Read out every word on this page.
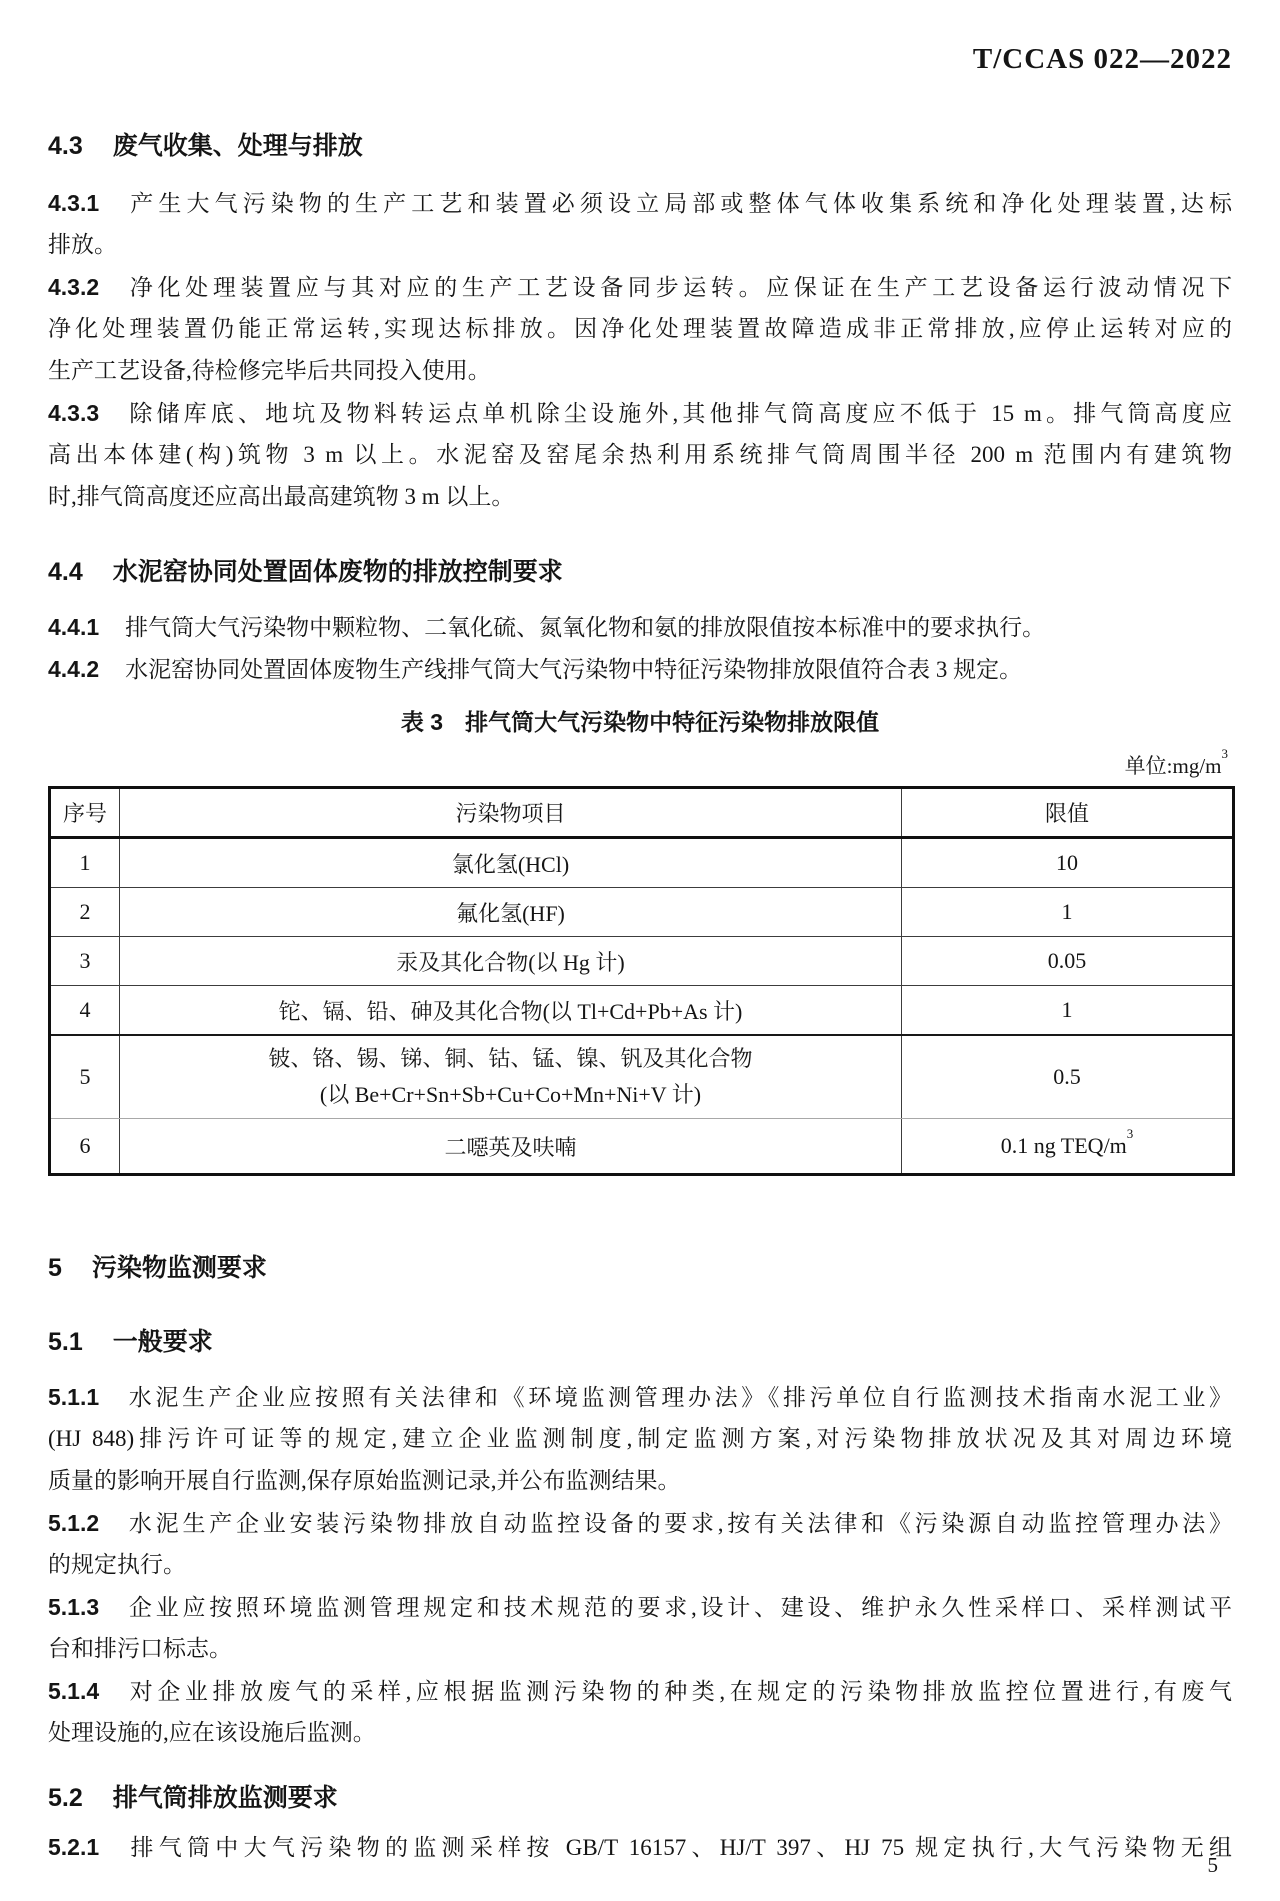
T/CCAS 022—2022
4.3 废气收集、处理与排放
4.3.1 产生大气污染物的生产工艺和装置必须设立局部或整体气体收集系统和净化处理装置,达标
排放。
4.3.2 净化处理装置应与其对应的生产工艺设备同步运转。应保证在生产工艺设备运行波动情况下
净化处理装置仍能正常运转,实现达标排放。因净化处理装置故障造成非正常排放,应停止运转对应的
生产工艺设备,待检修完毕后共同投入使用。
4.3.3 除储库底、地坑及物料转运点单机除尘设施外,其他排气筒高度应不低于 15 m。排气筒高度应
高出本体建(构)筑物 3 m 以上。水泥窑及窑尾余热利用系统排气筒周围半径 200 m 范围内有建筑物
时,排气筒高度还应高出最高建筑物 3 m 以上。
4.4 水泥窑协同处置固体废物的排放控制要求
4.4.1 排气筒大气污染物中颗粒物、二氧化硫、氮氧化物和氨的排放限值按本标准中的要求执行。
4.4.2 水泥窑协同处置固体废物生产线排气筒大气污染物中特征污染物排放限值符合表 3 规定。
表 3 排气筒大气污染物中特征污染物排放限值
单位$:mg/m^3$
序号	污染物项目	限值
1	氯化氢(HCl)	10
2	氟化氢(HF)	1
3	汞及其化合物(以 Hg 计)	0.05
4	铊、镉、铅、砷及其化合物(以 Tl+Cd+Pb+As 计)	1
5	铍、铬、锡、锑、铜、钴、锰、镍、钒及其化合物
(以 Be+Cr+Sn+Sb+Cu+Co+Mn+Ni+V 计)	0.5
6	二噁英及呋喃	0.1 ng TEQ/$m^3$
5 污染物监测要求
5.1 一般要求
5.1.1 水泥生产企业应按照有关法律和《环境监测管理办法》《排污单位自行监测技术指南水泥工业》
(HJ 848)排污许可证等的规定,建立企业监测制度,制定监测方案,对污染物排放状况及其对周边环境
质量的影响开展自行监测,保存原始监测记录,并公布监测结果。
5.1.2 水泥生产企业安装污染物排放自动监控设备的要求,按有关法律和《污染源自动监控管理办法》
的规定执行。
5.1.3 企业应按照环境监测管理规定和技术规范的要求,设计、建设、维护永久性采样口、采样测试平
台和排污口标志。
5.1.4 对企业排放废气的采样,应根据监测污染物的种类,在规定的污染物排放监控位置进行,有废气
处理设施的,应在该设施后监测。
5.2 排气筒排放监测要求
5.2.1 排气筒中大气污染物的监测采样按 GB/T 16157、HJ/T 397、HJ 75 规定执行,大气污染物无组
5
